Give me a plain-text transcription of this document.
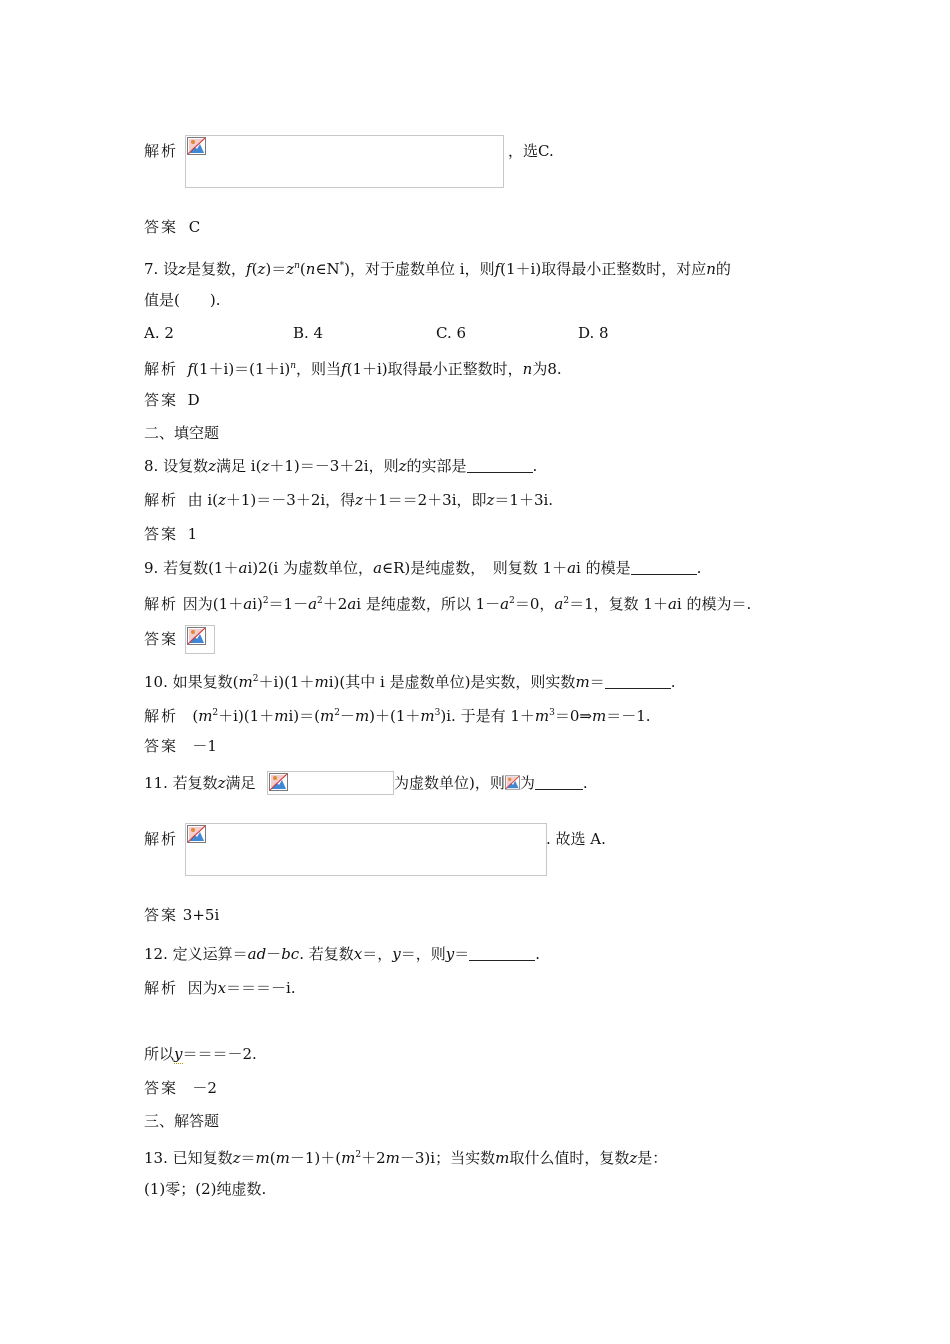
解析	，选C.
答案 C
7. 设z是复数，$f(z)=z^n(n\in N^*)$，对于虚数单位 i，则f(1＋i)取得最小正整数时，对应n的
值是(　　).
A. 2	B. 4	C. 6	D. 8
解析 $f(1+i)=(1+i)^n$，则当f(1＋i)取得最小正整数时，n为8.
答案 D
二、填空题
8. 设复数z满足 i(z＋1)＝－3＋2i，则z的实部是	.
解析 由 i(z＋1)＝－3＋2i，得z＋1＝＝2＋3i，即z＝1＋3i.
答案 1
9. 若复数(1＋ai)2(i 为虚数单位，a∈R)是纯虚数，　则复数 1＋ai 的模是	.
解析 因为$(1+ai)^2=1-a^2+2ai$ 是纯虚数，所以 $1-a^2=0$，$a^2=1$，复数 1＋ai 的模为＝.
答案
10. 如果复数$(m^2+i)(1+mi)$(其中 i 是虚数单位)是实数，则实数m＝	.
解析 $(m^2+i)(1+mi)=(m^2-m)+(1+m^3)i$. 于是有 $1+m^3=0\Rightarrow m=-1$.
答案 －1
11. 若复数z满足	为虚数单位)，则 为	.
解析	. 故选 A.
答案 3+5i
12. 定义运算＝ad－bc. 若复数x＝，y＝，则y＝	.
解析 因为x＝＝＝－i.
所以y＝＝＝－2.
答案 －2
三、解答题
13. 已知复数$z=m(m-1)+(m^2+2m-3)i$；当实数m取什么值时，复数z是：
(1)零；(2)纯虚数.
